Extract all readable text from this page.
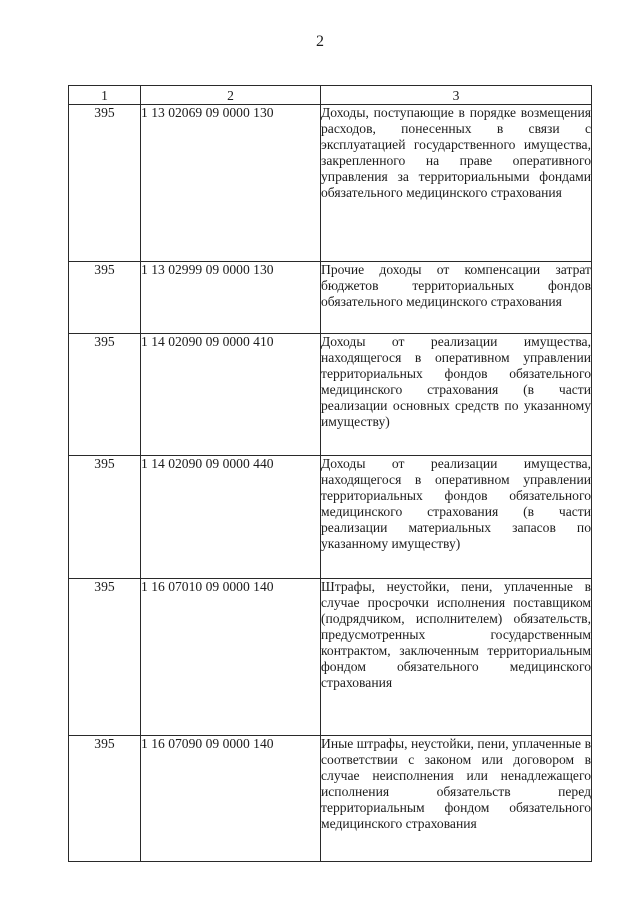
2
1	2	3
395	1 13 02069 09 0000 130	Доходы, поступающие в порядке возмещения расходов, понесенных в связи с эксплуатацией государственного имущества, закрепленного на праве оперативного управления за территориальными фондами обязательного медицинского страхования
395	1 13 02999 09 0000 130	Прочие доходы от компенсации затрат бюджетов территориальных фондов обязательного медицинского страхования
395	1 14 02090 09 0000 410	Доходы от реализации имущества, находящегося в оперативном управлении территориальных фондов обязательного медицинского страхования (в части реализации основных средств по указанному имуществу)
395	1 14 02090 09 0000 440	Доходы от реализации имущества, находящегося в оперативном управлении территориальных фондов обязательного медицинского страхования (в части реализации материальных запасов по указанному имуществу)
395	1 16 07010 09 0000 140	Штрафы, неустойки, пени, уплаченные в случае просрочки исполнения поставщиком (подрядчиком, исполнителем) обязательств, предусмотренных государственным контрактом, заключенным территориальным фондом обязательного медицинского страхования
395	1 16 07090 09 0000 140	Иные штрафы, неустойки, пени, уплаченные в соответствии с законом или договором в случае неисполнения или ненадлежащего исполнения обязательств перед территориальным фондом обязательного медицинского страхования
